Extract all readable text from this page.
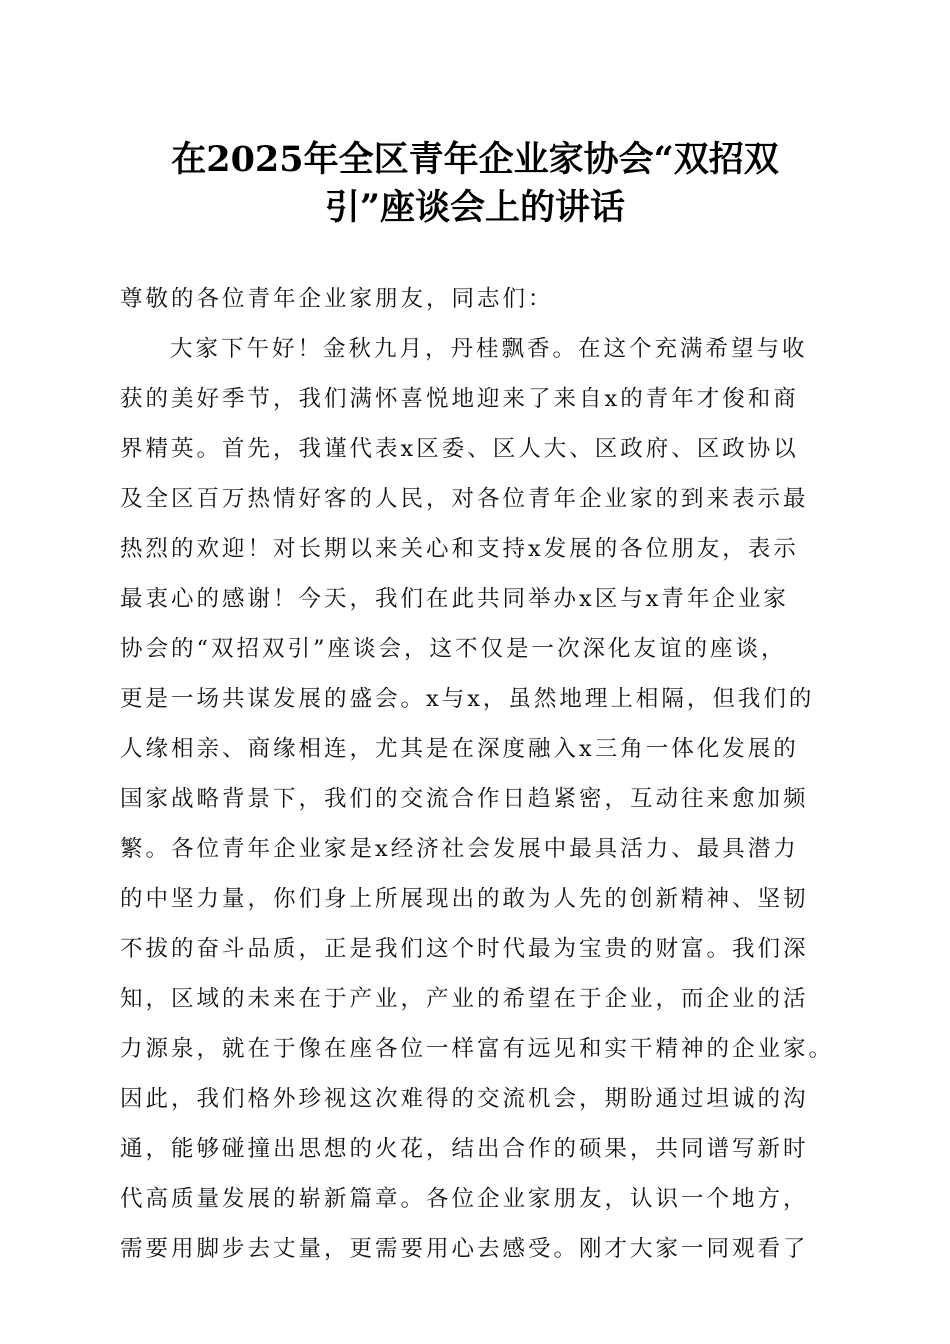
在2025年全区青年企业家协会“双招双
引”座谈会上的讲话
尊敬的各位青年企业家朋友，同志们：
大家下午好！金秋九月，丹桂飘香。在这个充满希望与收
获的美好季节，我们满怀喜悦地迎来了来自x的青年才俊和商
界精英。首先，我谨代表x区委、区人大、区政府、区政协以
及全区百万热情好客的人民，对各位青年企业家的到来表示最
热烈的欢迎！对长期以来关心和支持x发展的各位朋友，表示
最衷心的感谢！今天，我们在此共同举办x区与x青年企业家
协会的“双招双引”座谈会，这不仅是一次深化友谊的座谈，
更是一场共谋发展的盛会。x与x，虽然地理上相隔，但我们的
人缘相亲、商缘相连，尤其是在深度融入x三角一体化发展的
国家战略背景下，我们的交流合作日趋紧密，互动往来愈加频
繁。各位青年企业家是x经济社会发展中最具活力、最具潜力
的中坚力量，你们身上所展现出的敢为人先的创新精神、坚韧
不拔的奋斗品质，正是我们这个时代最为宝贵的财富。我们深
知，区域的未来在于产业，产业的希望在于企业，而企业的活
力源泉，就在于像在座各位一样富有远见和实干精神的企业家。
因此，我们格外珍视这次难得的交流机会，期盼通过坦诚的沟
通，能够碰撞出思想的火花，结出合作的硕果，共同谱写新时
代高质量发展的崭新篇章。各位企业家朋友，认识一个地方，
需要用脚步去丈量，更需要用心去感受。刚才大家一同观看了
